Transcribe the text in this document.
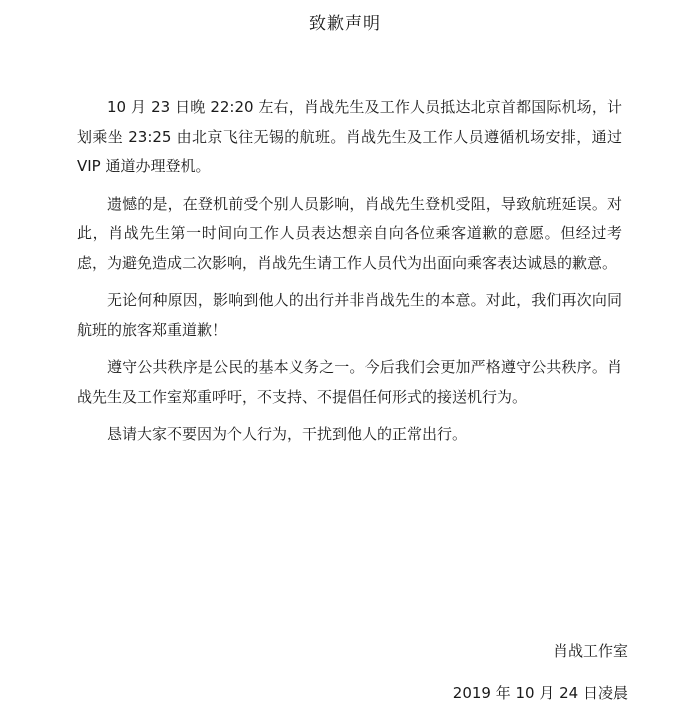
致歉声明

10 月 23 日晚 22:20 左右，肖战先生及工作人员抵达北京首都国际机场，计划乘坐 23:25 由北京飞往无锡的航班。肖战先生及工作人员遵循机场安排，通过 VIP 通道办理登机。

遗憾的是，在登机前受个别人员影响，肖战先生登机受阻，导致航班延误。对此，肖战先生第一时间向工作人员表达想亲自向各位乘客道歉的意愿。但经过考虑，为避免造成二次影响，肖战先生请工作人员代为出面向乘客表达诚恳的歉意。

无论何种原因，影响到他人的出行并非肖战先生的本意。对此，我们再次向同航班的旅客郑重道歉！

遵守公共秩序是公民的基本义务之一。今后我们会更加严格遵守公共秩序。肖战先生及工作室郑重呼吁，不支持、不提倡任何形式的接送机行为。

恳请大家不要因为个人行为，干扰到他人的正常出行。

肖战工作室
2019 年 10 月 24 日凌晨
